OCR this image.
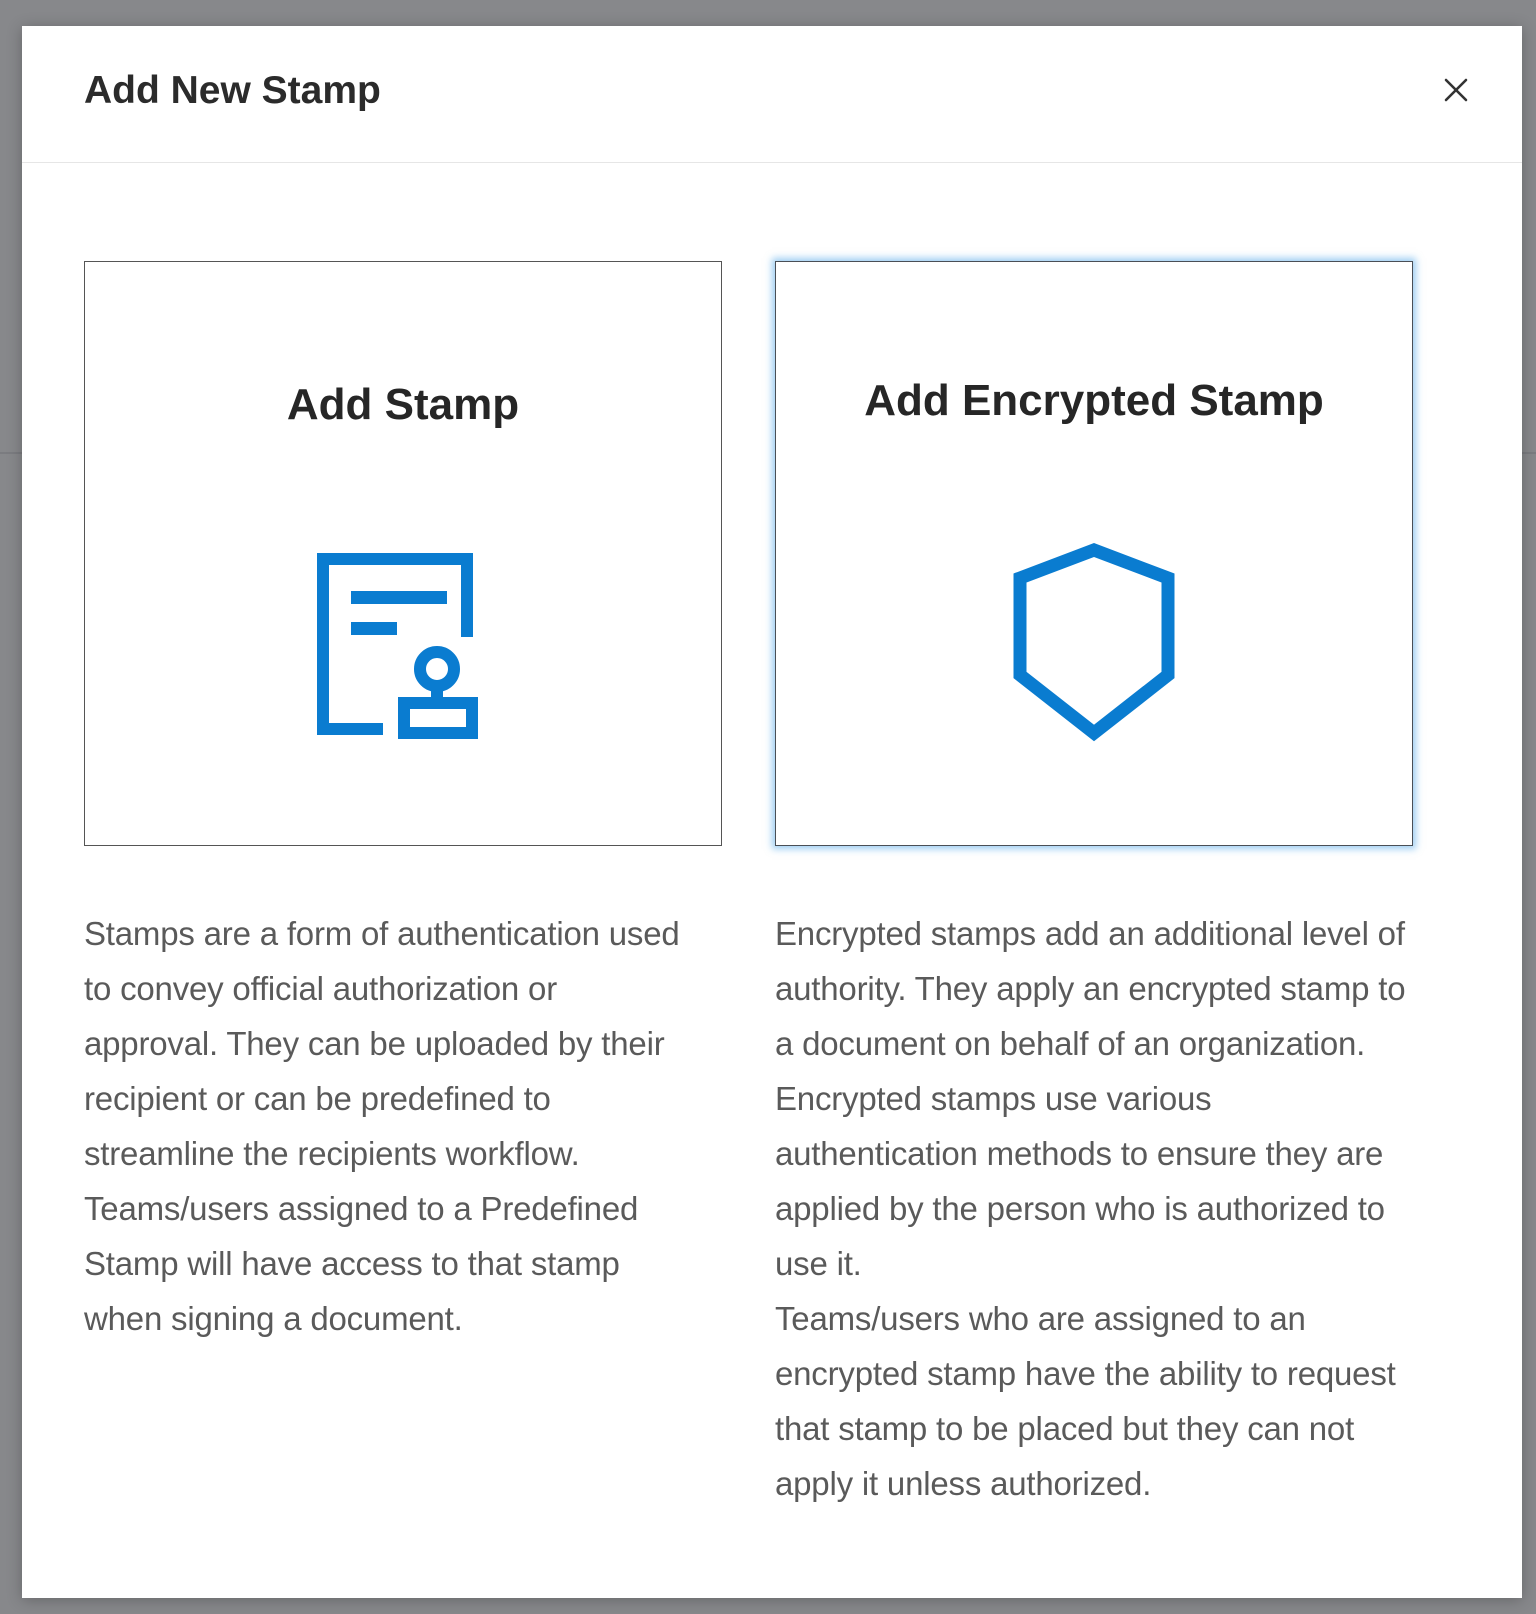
Add New Stamp
Add Stamp	Add Encrypted Stamp

Stamps are a form of authentication used
to convey official authorization or
approval. They can be uploaded by their
recipient or can be predefined to
streamline the recipients workflow.
Teams/users assigned to a Predefined
Stamp will have access to that stamp
when signing a document.

Encrypted stamps add an additional level of
authority. They apply an encrypted stamp to
a document on behalf of an organization.
Encrypted stamps use various
authentication methods to ensure they are
applied by the person who is authorized to
use it.
Teams/users who are assigned to an
encrypted stamp have the ability to request
that stamp to be placed but they can not
apply it unless authorized.
